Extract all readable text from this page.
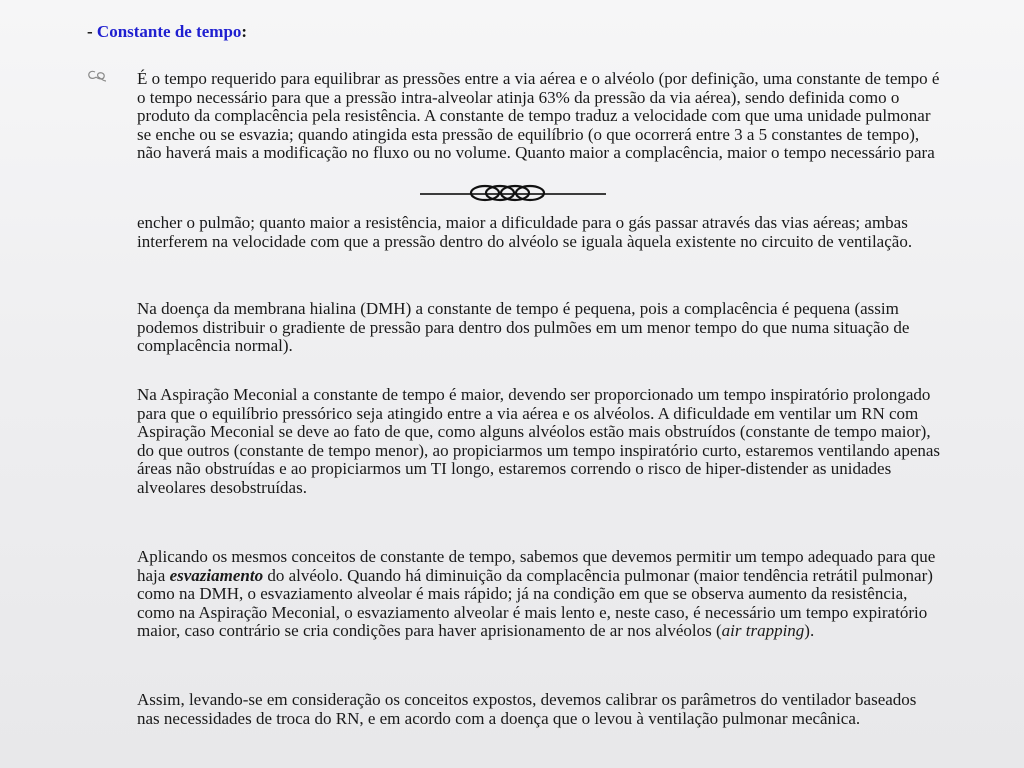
- Constante de tempo:

É o tempo requerido para equilibrar as pressões entre a via aérea e o alvéolo (por definição, uma constante de tempo é o tempo necessário para que a pressão intra-alveolar atinja 63% da pressão da via aérea), sendo definida como o produto da complacência pela resistência. A constante de tempo traduz a velocidade com que uma unidade pulmonar se enche ou se esvazia; quando atingida esta pressão de equilíbrio (o que ocorrerá entre 3 a 5 constantes de tempo), não haverá mais a modificação no fluxo ou no volume. Quanto maior a complacência, maior o tempo necessário para

encher o pulmão; quanto maior a resistência, maior a dificuldade para o gás passar através das vias aéreas; ambas interferem na velocidade com que a pressão dentro do alvéolo se iguala àquela existente no circuito de ventilação.

Na doença da membrana hialina (DMH) a constante de tempo é pequena, pois a complacência é pequena (assim podemos distribuir o gradiente de pressão para dentro dos pulmões em um menor tempo do que numa situação de complacência normal).

Na Aspiração Meconial a constante de tempo é maior, devendo ser proporcionado um tempo inspiratório prolongado para que o equilíbrio pressórico seja atingido entre a via aérea e os alvéolos. A dificuldade em ventilar um RN com Aspiração Meconial se deve ao fato de que, como alguns alvéolos estão mais obstruídos (constante de tempo maior), do que outros (constante de tempo menor), ao propiciarmos um tempo inspiratório curto, estaremos ventilando apenas áreas não obstruídas e ao propiciarmos um TI longo, estaremos correndo o risco de hiper-distender as unidades alveolares desobstruídas.

Aplicando os mesmos conceitos de constante de tempo, sabemos que devemos permitir um tempo adequado para que haja esvaziamento do alvéolo. Quando há diminuição da complacência pulmonar (maior tendência retrátil pulmonar) como na DMH, o esvaziamento alveolar é mais rápido; já na condição em que se observa aumento da resistência, como na Aspiração Meconial, o esvaziamento alveolar é mais lento e, neste caso, é necessário um tempo expiratório maior, caso contrário se cria condições para haver aprisionamento de ar nos alvéolos (air trapping).

Assim, levando-se em consideração os conceitos expostos, devemos calibrar os parâmetros do ventilador baseados nas necessidades de troca do RN, e em acordo com a doença que o levou à ventilação pulmonar mecânica.
